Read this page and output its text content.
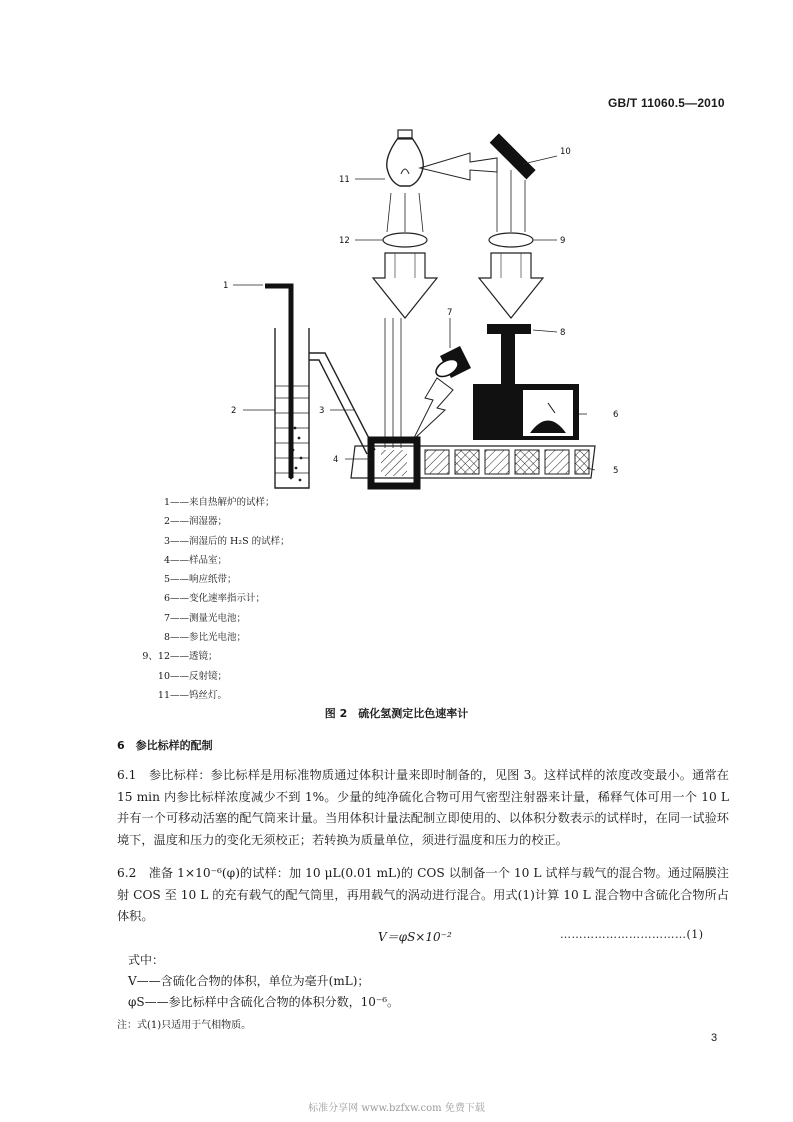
GB/T 11060.5—2010
11
10
12	9
1
7
8
2	3	6
4
5
1——来自热解炉的试样；
2——润湿器；
3——润湿后的 H₂S 的试样；
4——样品室；
5——响应纸带；
6——变化速率指示计；
7——测量光电池；
8——参比光电池；
9、12——透镜；
10——反射镜；
11——钨丝灯。
图 2　硫化氢测定比色速率计
6　参比标样的配制
6.1　参比标样：参比标样是用标准物质通过体积计量来即时制备的，见图 3。这样试样的浓度改变最小。通常在 15 min 内参比标样浓度减少不到 1%。少量的纯净硫化合物可用气密型注射器来计量，稀释气体可用一个 10 L 并有一个可移动活塞的配气筒来计量。当用体积计量法配制立即使用的、以体积分数表示的试样时，在同一试验环境下，温度和压力的变化无须校正；若转换为质量单位，须进行温度和压力的校正。
6.2　准备 1×10⁻⁶(φ)的试样：加 10 μL(0.01 mL)的 COS 以制备一个 10 L 试样与载气的混合物。通过隔膜注射 COS 至 10 L 的充有载气的配气筒里，再用载气的涡动进行混合。用式(1)计算 10 L 混合物中含硫化合物所占体积。
V＝φS×10⁻²	……………………………(1)
式中：
V——含硫化合物的体积，单位为毫升(mL)；
φS——参比标样中含硫化合物的体积分数，10⁻⁶。
注：式(1)只适用于气相物质。
3
标准分享网 www.bzfxw.com 免费下载
